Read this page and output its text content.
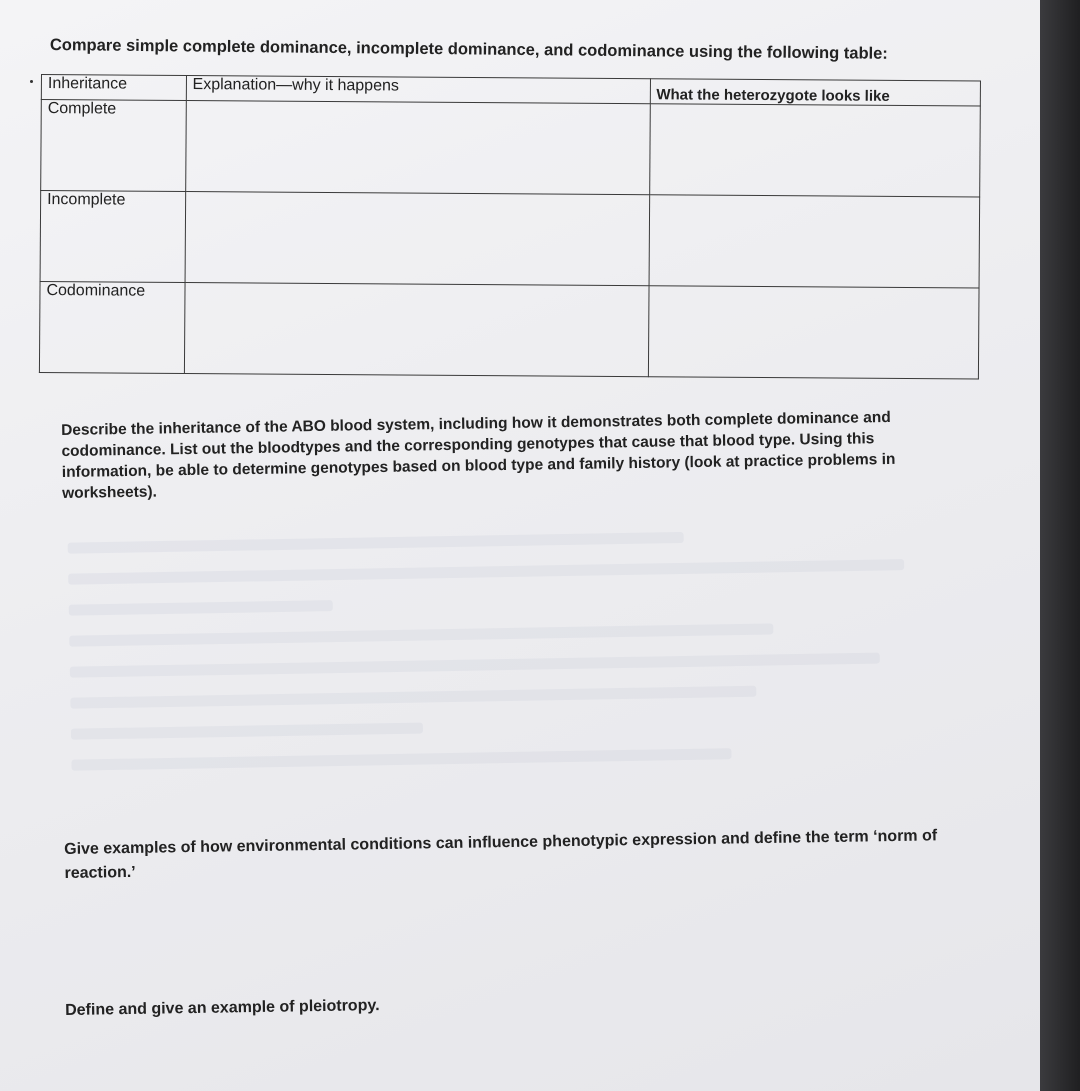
Compare simple complete dominance, incomplete dominance, and codominance using the following table:
Inheritance	Explanation—why it happens	What the heterozygote looks like
Complete		
Incomplete		
Codominance		
Describe the inheritance of the ABO blood system, including how it demonstrates both complete dominance and codominance. List out the bloodtypes and the corresponding genotypes that cause that blood type. Using this information, be able to determine genotypes based on blood type and family history (look at practice problems in worksheets).
Give examples of how environmental conditions can influence phenotypic expression and define the term ‘norm of reaction.’
Define and give an example of pleiotropy.
